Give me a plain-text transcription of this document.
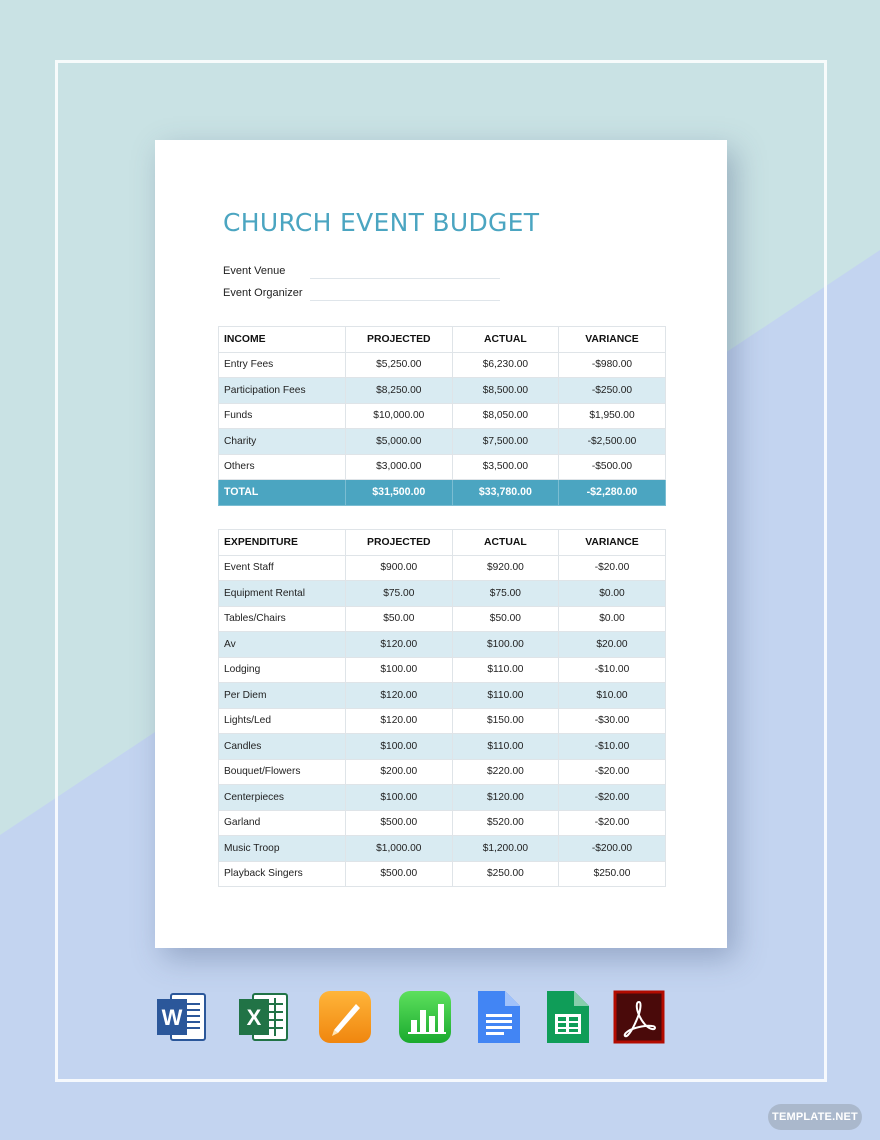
CHURCH EVENT BUDGET
Event Venue
Event Organizer
INCOME	PROJECTED	ACTUAL	VARIANCE
Entry Fees	$5,250.00	$6,230.00	-$980.00
Participation Fees	$8,250.00	$8,500.00	-$250.00
Funds	$10,000.00	$8,050.00	$1,950.00
Charity	$5,000.00	$7,500.00	-$2,500.00
Others	$3,000.00	$3,500.00	-$500.00
TOTAL	$31,500.00	$33,780.00	-$2,280.00
EXPENDITURE	PROJECTED	ACTUAL	VARIANCE
Event Staff	$900.00	$920.00	-$20.00
Equipment Rental	$75.00	$75.00	$0.00
Tables/Chairs	$50.00	$50.00	$0.00
Av	$120.00	$100.00	$20.00
Lodging	$100.00	$110.00	-$10.00
Per Diem	$120.00	$110.00	$10.00
Lights/Led	$120.00	$150.00	-$30.00
Candles	$100.00	$110.00	-$10.00
Bouquet/Flowers	$200.00	$220.00	-$20.00
Centerpieces	$100.00	$120.00	-$20.00
Garland	$500.00	$520.00	-$20.00
Music Troop	$1,000.00	$1,200.00	-$200.00
Playback Singers	$500.00	$250.00	$250.00
W	X
TEMPLATE.NET
